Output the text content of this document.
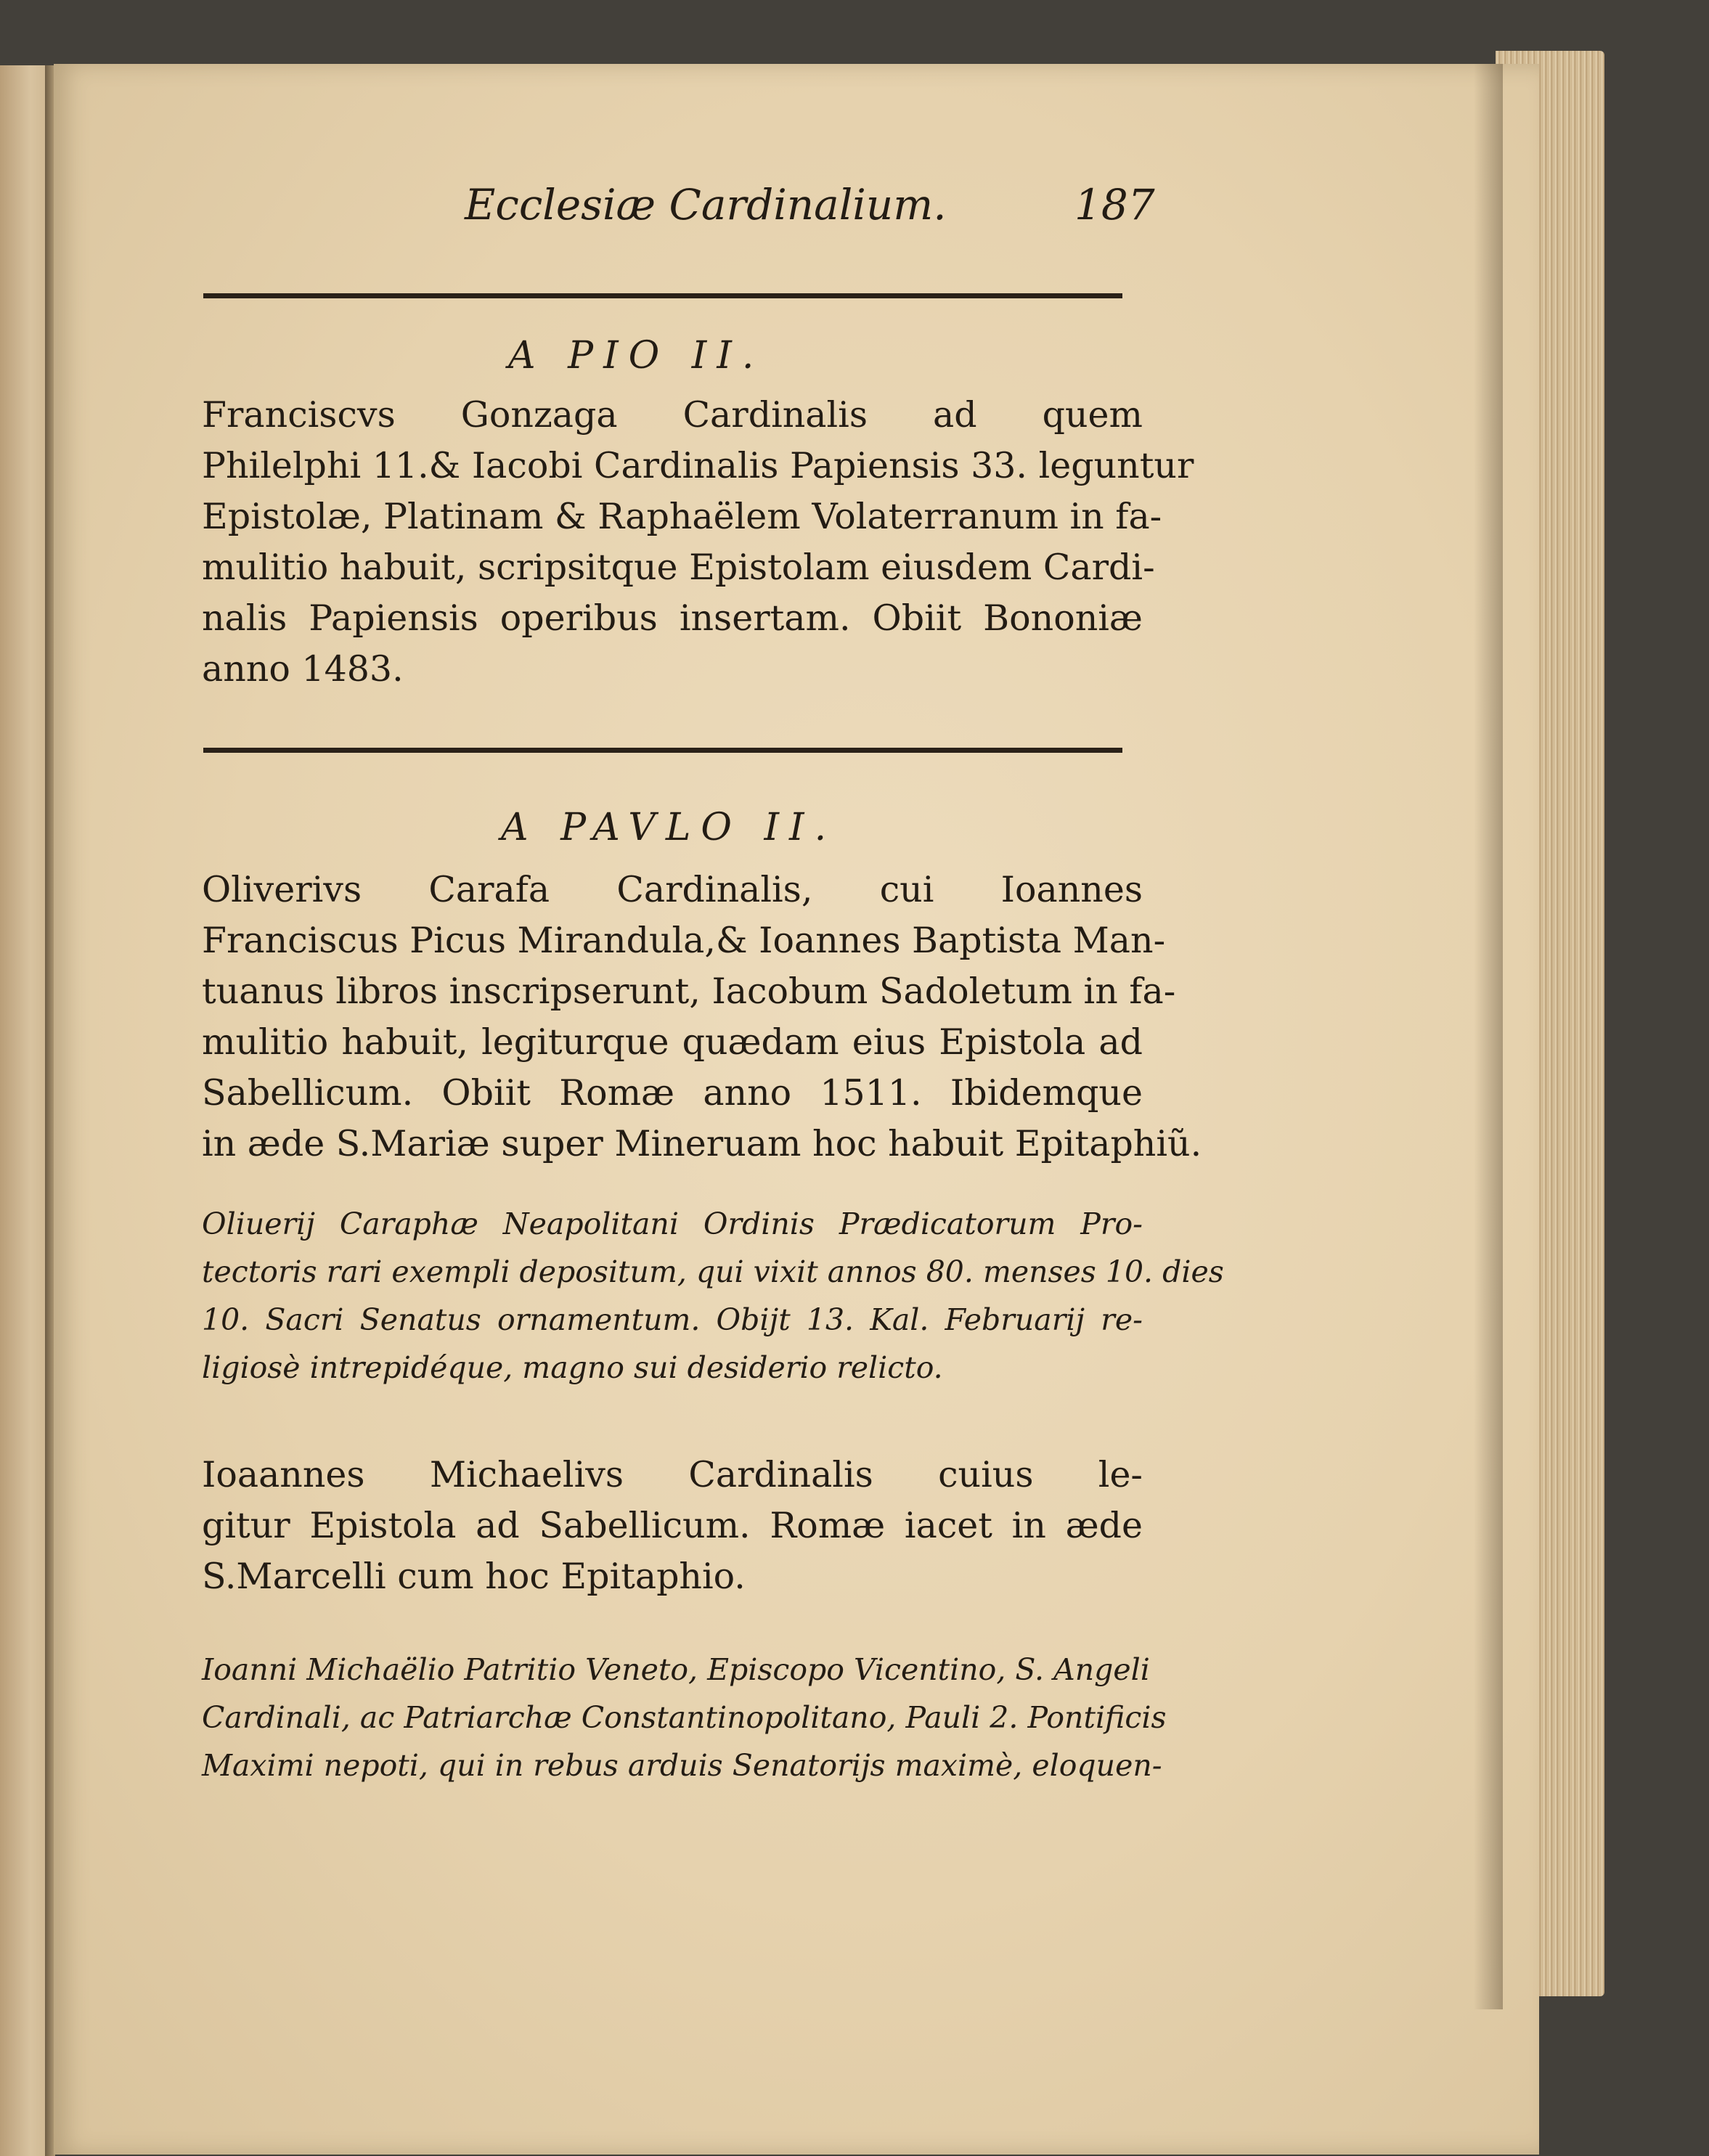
Ecclesiæ Cardinalium.	187
A PIO II.
Franciscvs Gonzaga Cardinalis ad quem
Philelphi 11.& Iacobi Cardinalis Papiensis 33. leguntur
Epistolæ, Platinam & Raphaëlem Volaterranum in fa-
mulitio habuit, scripsitque Epistolam eiusdem Cardi-
nalis Papiensis operibus insertam. Obiit Bononiæ
anno 1483.
A PAVLO II.
Oliverivs Carafa Cardinalis, cui Ioannes
Franciscus Picus Mirandula,& Ioannes Baptista Man-
tuanus libros inscripserunt, Iacobum Sadoletum in fa-
mulitio habuit, legiturque quædam eius Epistola ad
Sabellicum. Obiit Romæ anno 1511. Ibidemque
in æde S.Mariæ super Mineruam hoc habuit Epitaphiũ.
Oliuerij Caraphæ Neapolitani Ordinis Prædicatorum Pro-
tectoris rari exempli depositum, qui vixit annos 80. menses 10. dies
10. Sacri Senatus ornamentum. Obijt 13. Kal. Februarij re-
ligiosè intrepidéque, magno sui desiderio relicto.
Ioaannes Michaelivs Cardinalis cuius le-
gitur Epistola ad Sabellicum. Romæ iacet in æde
S.Marcelli cum hoc Epitaphio.
Ioanni Michaëlio Patritio Veneto, Episcopo Vicentino, S. Angeli
Cardinali, ac Patriarchæ Constantinopolitano, Pauli 2. Pontificis
Maximi nepoti, qui in rebus arduis Senatorijs maximè, eloquen-
